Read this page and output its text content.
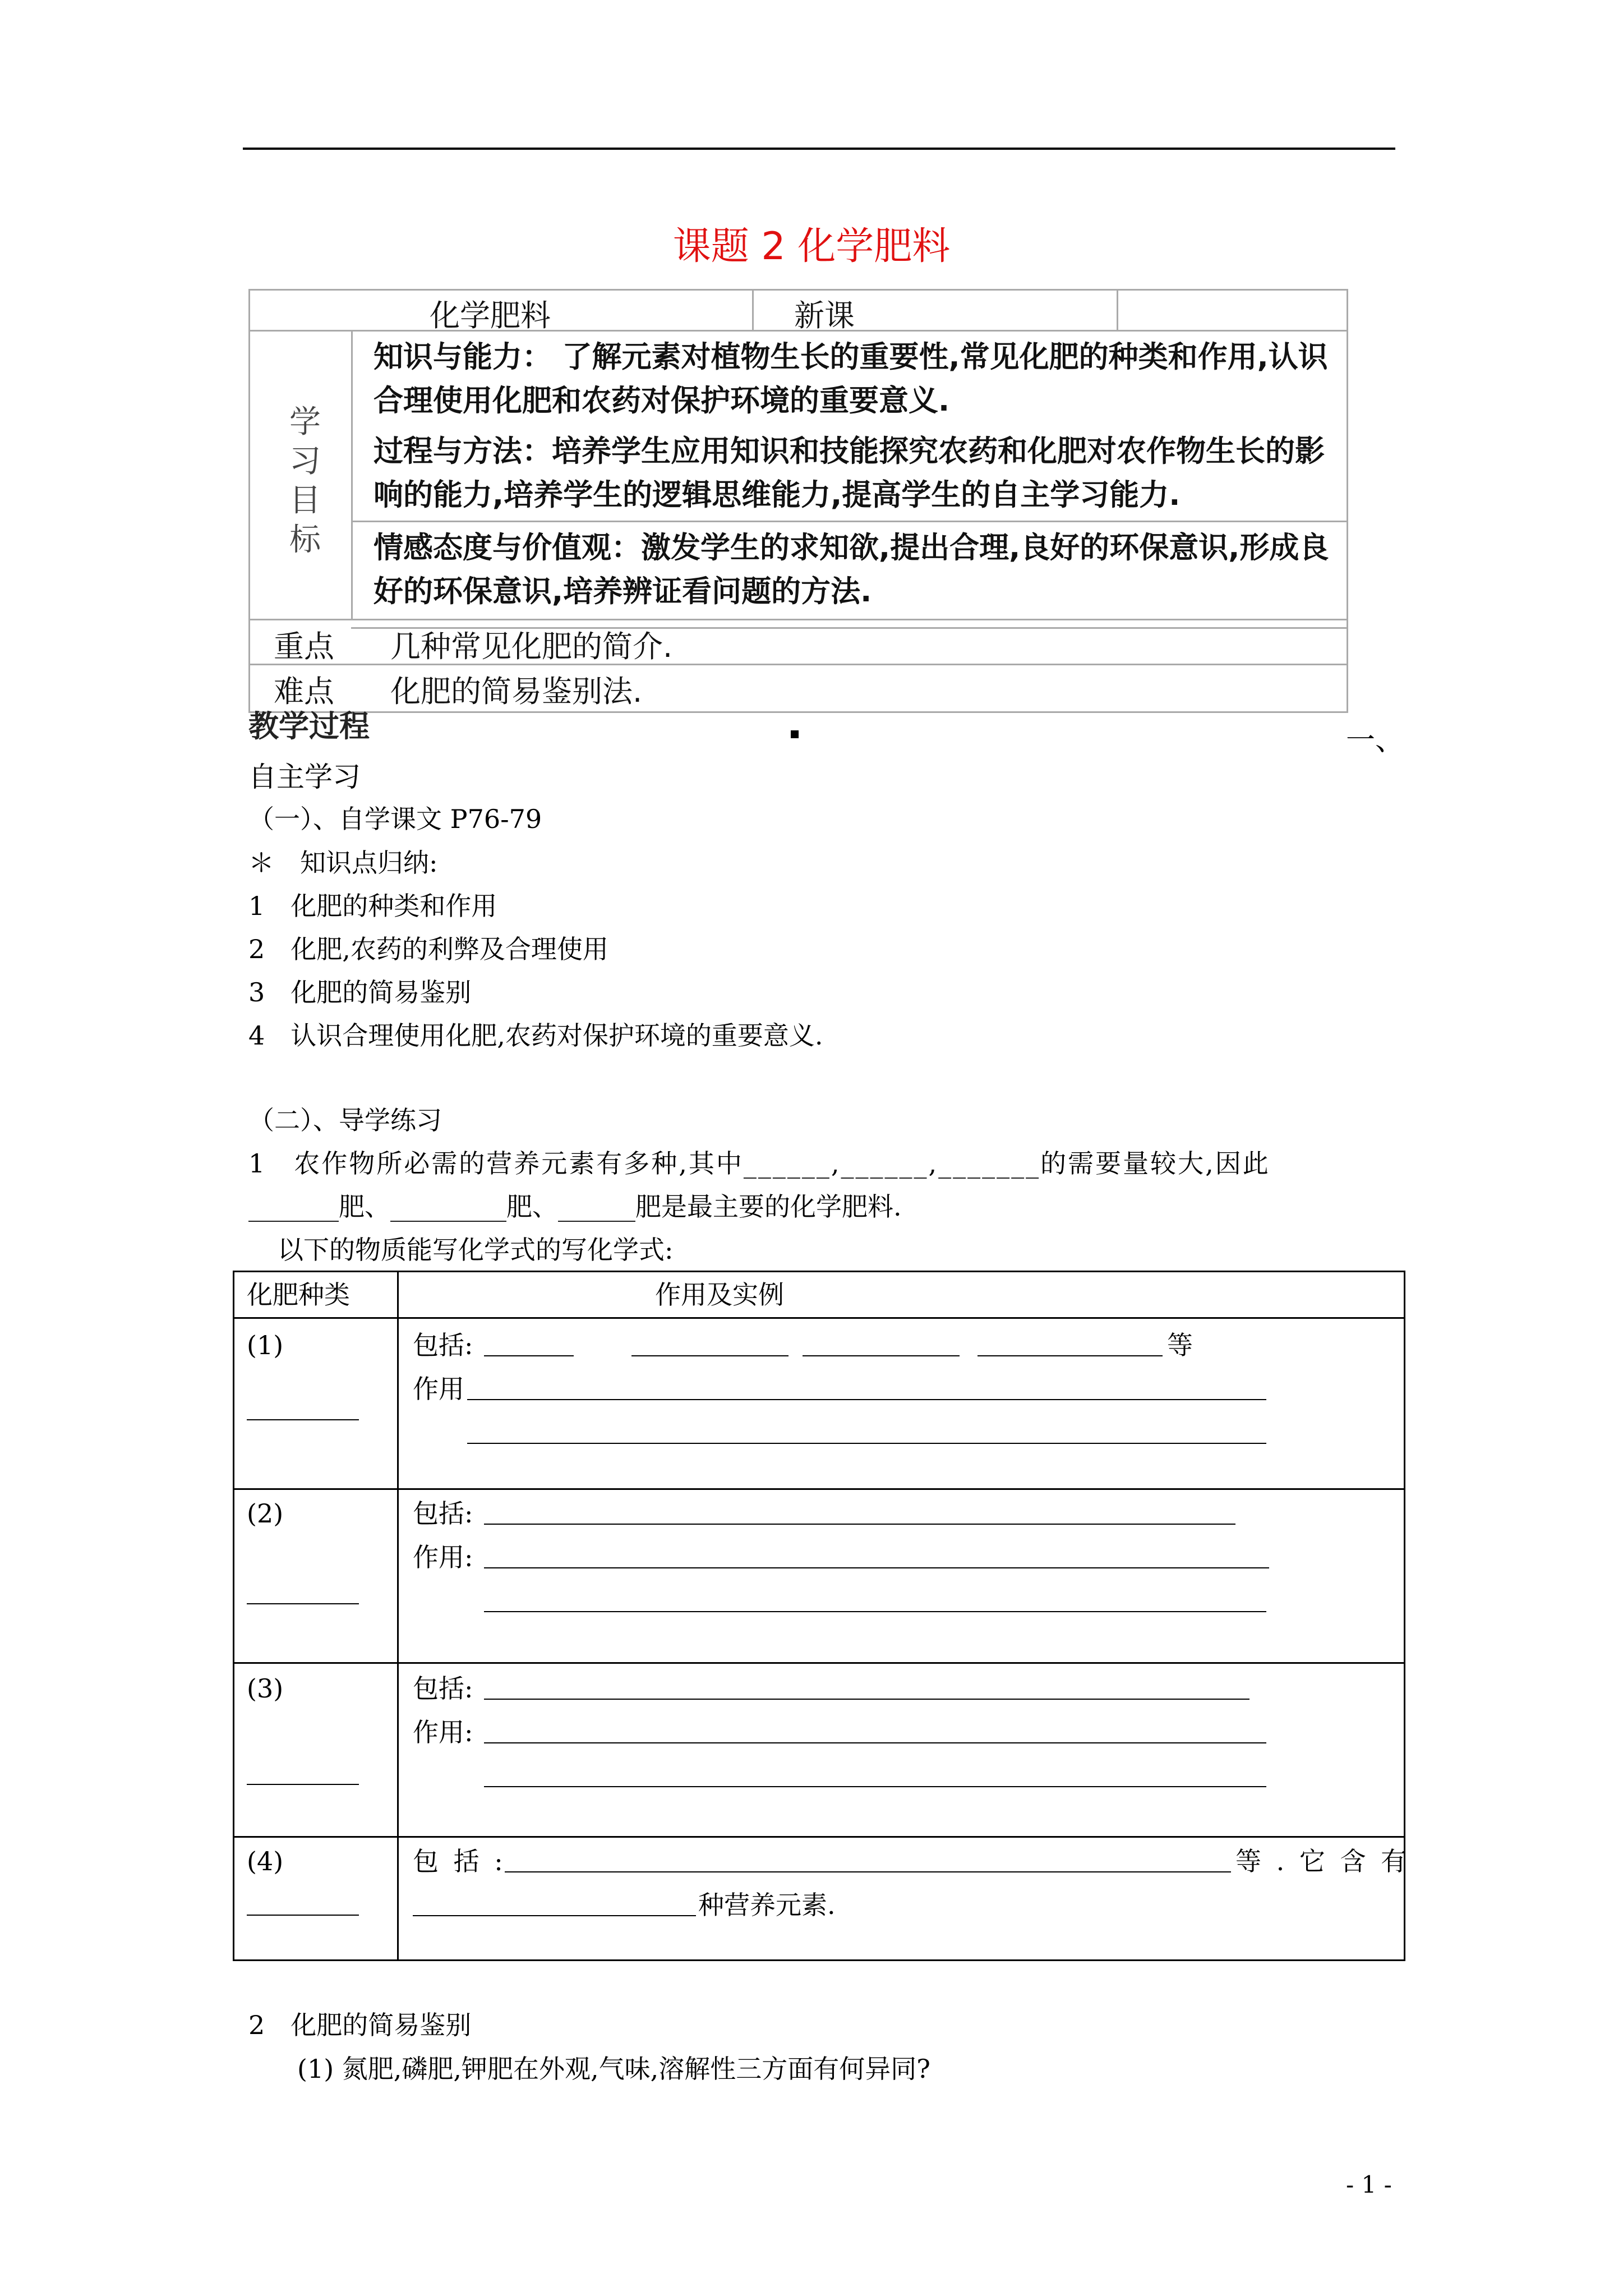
课题 2 化学肥料
化学肥料	新课
学习目标
知识与能力： 了解元素对植物生长的重要性,常见化肥的种类和作用,认识合理使用化肥和农药对保护环境的重要意义.
过程与方法：培养学生应用知识和技能探究农药和化肥对农作物生长的影响的能力,培养学生的逻辑思维能力,提高学生的自主学习能力.
情感态度与价值观：激发学生的求知欲,提出合理,良好的环保意识,形成良好的环保意识,培养辨证看问题的方法.
重点 几种常见化肥的简介.
难点 化肥的简易鉴别法.
教学过程	一、
自主学习
（一）、自学课文 P76-79
＊　知识点归纳:
1　化肥的种类和作用
2　化肥,农药的利弊及合理使用
3　化肥的简易鉴别
4　认识合理使用化肥,农药对保护环境的重要意义.
（二）、导学练习
1　农作物所必需的营养元素有多种,其中______,______,_______的需要量较大,因此
_______肥、_________肥、______肥是最主要的化学肥料.
以下的物质能写化学式的写化学式:
化肥种类	作用及实例
(1)	包括:	等
作用
(2)	包括:
作用:
(3)	包括:
作用:
(4)	包 括 :	等 . 它 含 有
种营养元素.
2　化肥的简易鉴别
(1) 氮肥,磷肥,钾肥在外观,气味,溶解性三方面有何异同?
- 1 -
